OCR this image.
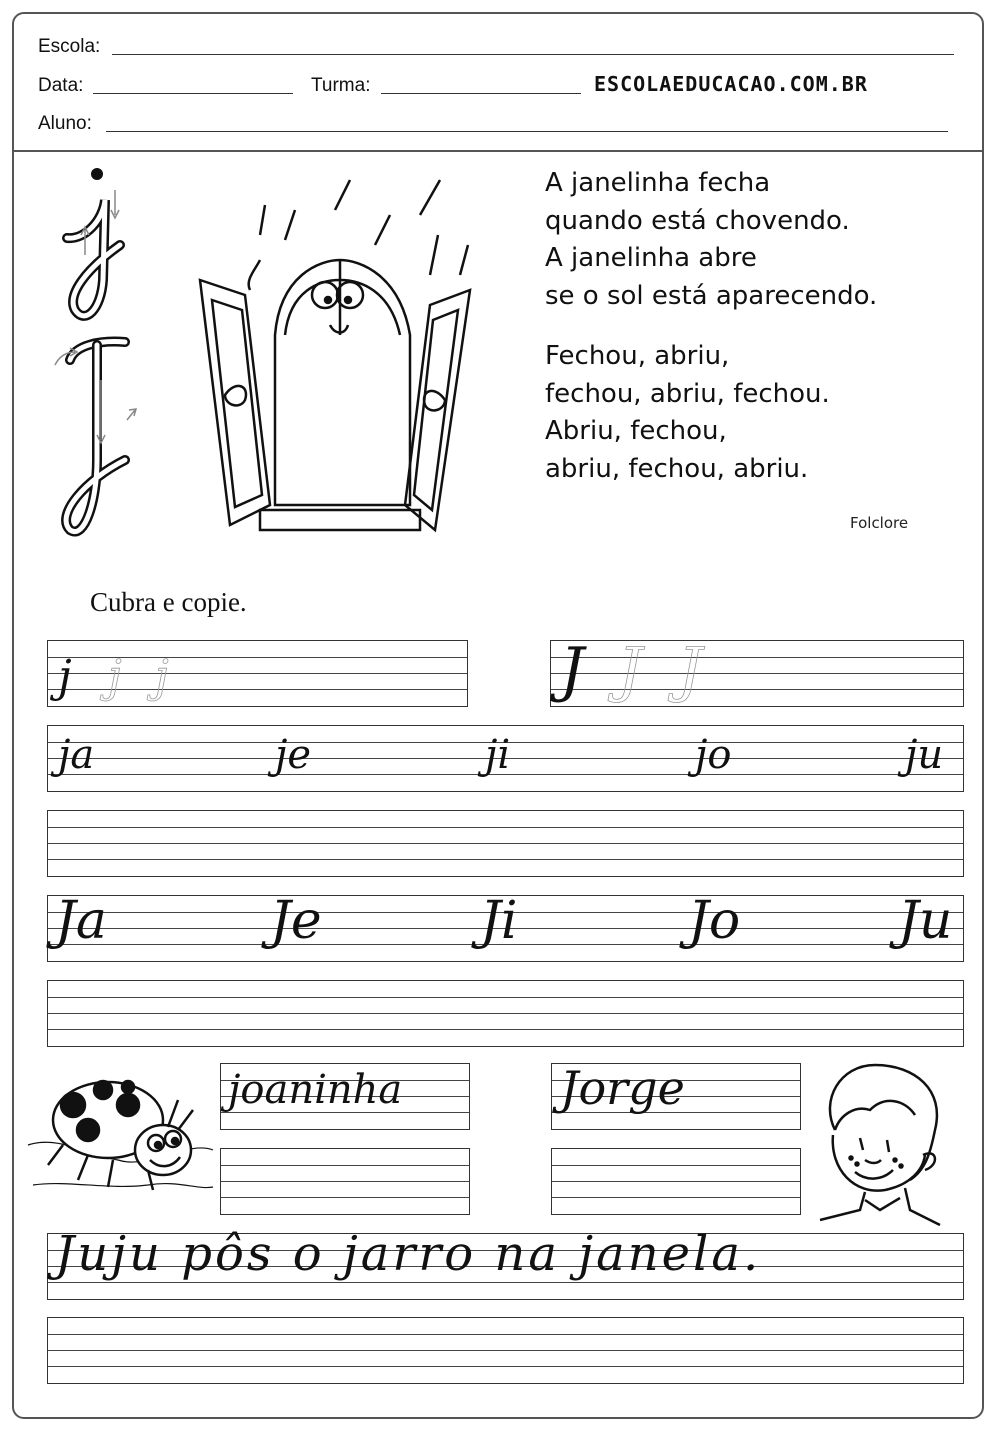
Escola:
Data:	Turma:	ESCOLAEDUCACAO.COM.BR
Aluno:
A janelinha fecha
quando está chovendo.
A janelinha abre
se o sol está aparecendo.
Fechou, abriu,
fechou, abriu, fechou.
Abriu, fechou,
abriu, fechou, abriu.
Folclore
Cubra e copie.
j j j	J J J
ja	je	ji	jo	ju
Ja	Je	Ji	Jo	Ju
joaninha	Jorge
Juju pôs o jarro na janela.
